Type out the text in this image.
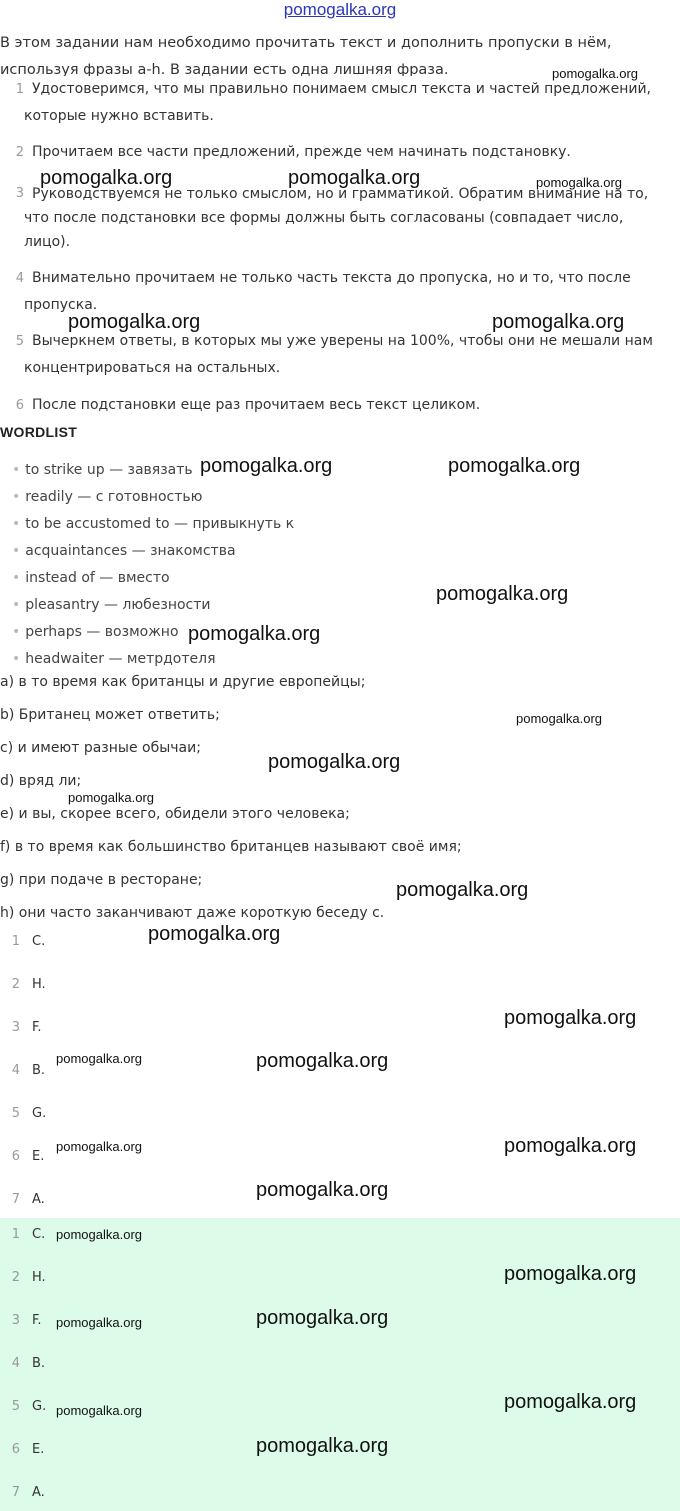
pomogalka.org
В этом задании нам необходимо прочитать текст и дополнить пропуски в нём, используя фразы a-h. В задании есть одна лишняя фраза.
1 Удостоверимся, что мы правильно понимаем смысл текста и частей предложений, которые нужно вставить.
2 Прочитаем все части предложений, прежде чем начинать подстановку.
3 Руководствуемся не только смыслом, но и грамматикой. Обратим внимание на то, что после подстановки все формы должны быть согласованы (совпадает число, лицо).
4 Внимательно прочитаем не только часть текста до пропуска, но и то, что после пропуска.
5 Вычеркнем ответы, в которых мы уже уверены на 100%, чтобы они не мешали нам концентрироваться на остальных.
6 После подстановки еще раз прочитаем весь текст целиком.
WORDLIST
• to strike up — завязать
• readily — с готовностью
• to be accustomed to — привыкнуть к
• acquaintances — знакомства
• instead of — вместо
• pleasantry — любезности
• perhaps — возможно
• headwaiter — метрдотеля
a) в то время как британцы и другие европейцы;
b) Британец может ответить;
c) и имеют разные обычаи;
d) вряд ли;
e) и вы, скорее всего, обидели этого человека;
f) в то время как большинство британцев называют своё имя;
g) при подаче в ресторане;
h) они часто заканчивают даже короткую беседу с.
1 C.
2 H.
3 F.
4 B.
5 G.
6 E.
7 A.
1 C.
2 H.
3 F.
4 B.
5 G.
6 E.
7 A.
pomogalka.org
pomogalka.org	pomogalka.org	pomogalka.org
pomogalka.org	pomogalka.org
pomogalka.org	pomogalka.org
pomogalka.org
pomogalka.org
pomogalka.org
pomogalka.org
pomogalka.org
pomogalka.org
pomogalka.org
pomogalka.org
pomogalka.org	pomogalka.org
pomogalka.org	pomogalka.org
pomogalka.org
pomogalka.org
pomogalka.org
pomogalka.org	pomogalka.org
pomogalka.org
pomogalka.org
pomogalka.org
